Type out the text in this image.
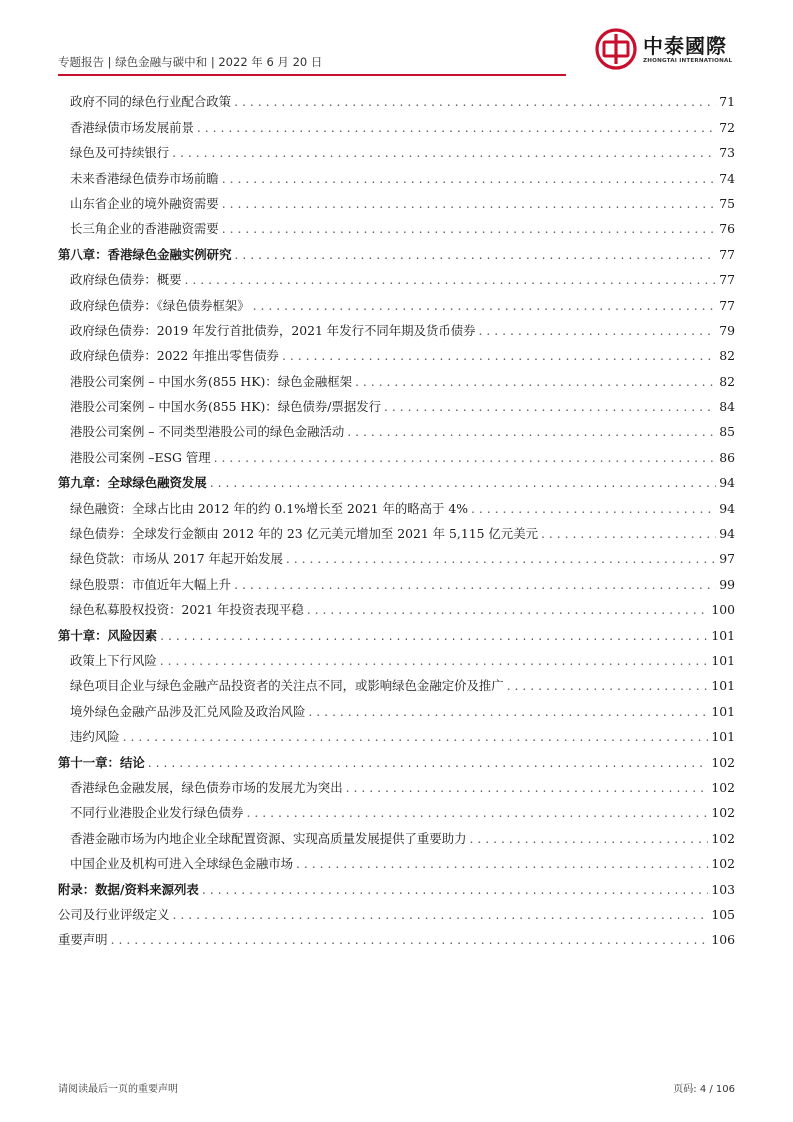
专题报告 | 绿色金融与碳中和 | 2022 年 6 月 20 日
中泰國際
ZHONGTAI INTERNATIONAL
政府不同的绿色行业配合政策 . . .	71
香港绿债市场发展前景 . . .	72
绿色及可持续银行 . . .	73
未来香港绿色债券市场前瞻 . . .	74
山东省企业的境外融资需要 . . .	75
长三角企业的香港融资需要 . . .	76
第八章：香港绿色金融实例研究 . . .	77
政府绿色债券：概要 . . .	77
政府绿色债券：《绿色债券框架》 . . .	77
政府绿色债券：2019 年发行首批债券，2021 年发行不同年期及货币债券 . . .	79
政府绿色债券：2022 年推出零售债券 . . .	82
港股公司案例 – 中国水务(855 HK)：绿色金融框架 . . .	82
港股公司案例 – 中国水务(855 HK)：绿色债券/票据发行 . . .	84
港股公司案例 – 不同类型港股公司的绿色金融活动 . . .	85
港股公司案例 –ESG 管理 . . .	86
第九章：全球绿色融资发展 . . .	94
绿色融资：全球占比由 2012 年的约 0.1%增长至 2021 年的略高于 4% . . .	94
绿色债券：全球发行金额由 2012 年的 23 亿元美元增加至 2021 年 5,115 亿元美元 . . .	94
绿色贷款：市场从 2017 年起开始发展 . . .	97
绿色股票：市值近年大幅上升 . . .	99
绿色私募股权投资：2021 年投资表现平稳 . . .	100
第十章：风险因素 . . .	101
政策上下行风险 . . .	101
绿色项目企业与绿色金融产品投资者的关注点不同，或影响绿色金融定价及推广 . . .	101
境外绿色金融产品涉及汇兑风险及政治风险 . . .	101
违约风险 . . .	101
第十一章：结论 . . .	102
香港绿色金融发展，绿色债券市场的发展尤为突出 . . .	102
不同行业港股企业发行绿色债券 . . .	102
香港金融市场为内地企业全球配置资源、实现高质量发展提供了重要助力 . . .	102
中国企业及机构可进入全球绿色金融市场 . . .	102
附录：数据/资料来源列表 . . .	103
公司及行业评级定义 . . .	105
重要声明 . . .	106
请阅读最后一页的重要声明	页码: 4 / 106
